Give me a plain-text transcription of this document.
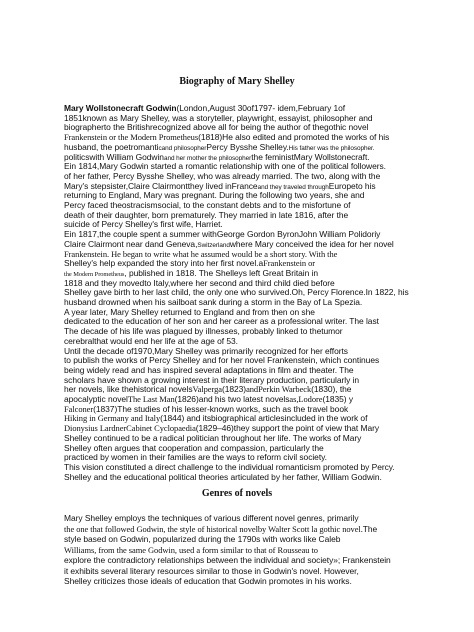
Biography of Mary Shelley
Mary Wollstonecraft Godwin(London,August 30of1797- idem,February 1of
1851known as Mary Shelley, was a storyteller, playwright, essayist, philosopher and
biographerto the Britishrecognized above all for being the author of thegothic novel
Frankenstein or the Modern Prometheus(1818)He also edited and promoted the works of his
husband, the poetromanticand philosopherPercy Bysshe Shelley.His father was the philosopher.
politicswith William Godwinand her mother the philosopherthe feministMary Wollstonecraft.
Ein 1814,Mary Godwin started a romantic relationship with one of the political followers.
of her father, Percy Bysshe Shelley, who was already married. The two, along with the
Mary's stepsister,Claire Clairmontthey lived inFranceand they traveled throughEuropeto his
returning to England, Mary was pregnant. During the following two years, she and
Percy faced theostracismsocial, to the constant debts and to the misfortune of
death of their daughter, born prematurely. They married in late 1816, after the
suicide of Percy Shelley's first wife, Harriet.
Ein 1817,the couple spent a summer withGeorge Gordon ByronJohn William Polidoriy
Claire Clairmont near dand Geneva,Switzerlandwhere Mary conceived the idea for her novel
Frankenstein. He began to write what he assumed would be a short story. With the
Shelley's help expanded the story into her first novel.aFrankenstein or
the Modern Prometheus, published in 1818. The Shelleys left Great Britain in
1818 and they movedto Italy,where her second and third child died before
Shelley gave birth to her last child, the only one who survived.Oh, Percy Florence.In 1822, his
husband drowned when his sailboat sank during a storm in the Bay of La Spezia.
A year later, Mary Shelley returned to England and from then on she
dedicated to the education of her son and her career as a professional writer. The last
The decade of his life was plagued by illnesses, probably linked to thetumor
cerebralthat would end her life at the age of 53.
Until the decade of1970,Mary Shelley was primarily recognized for her efforts
to publish the works of Percy Shelley and for her novel Frankenstein, which continues
being widely read and has inspired several adaptations in film and theater. The
scholars have shown a growing interest in their literary production, particularly in
her novels, like thehistorical novelsValperga(1823)andPerkin Warbeck(1830), the
apocalyptic novelThe Last Man(1826)and his two latest novelsas,Lodore(1835) y
Falconer(1837)The studies of his lesser-known works, such as the travel book
Hiking in Germany and Italy(1844) and itsbiographical articlesincluded in the work of
Dionysius LardnerCabinet Cyclopaedia(1829–46)they support the point of view that Mary
Shelley continued to be a radical politician throughout her life. The works of Mary
Shelley often argues that cooperation and compassion, particularly the
practiced by women in their families are the ways to reform civil society.
This vision constituted a direct challenge to the individual romanticism promoted by Percy.
Shelley and the educational political theories articulated by her father, William Godwin.
Genres of novels
Mary Shelley employs the techniques of various different novel genres, primarily
the one that followed Godwin, the style of historical novelby Walter Scott la gothic novel.The
style based on Godwin, popularized during the 1790s with works like Caleb
Williams, from the same Godwin, used a form similar to that of Rousseau to
explore the contradictory relationships between the individual and society»; Frankenstein
it exhibits several literary resources similar to those in Godwin's novel. However,
Shelley criticizes those ideals of education that Godwin promotes in his works.
